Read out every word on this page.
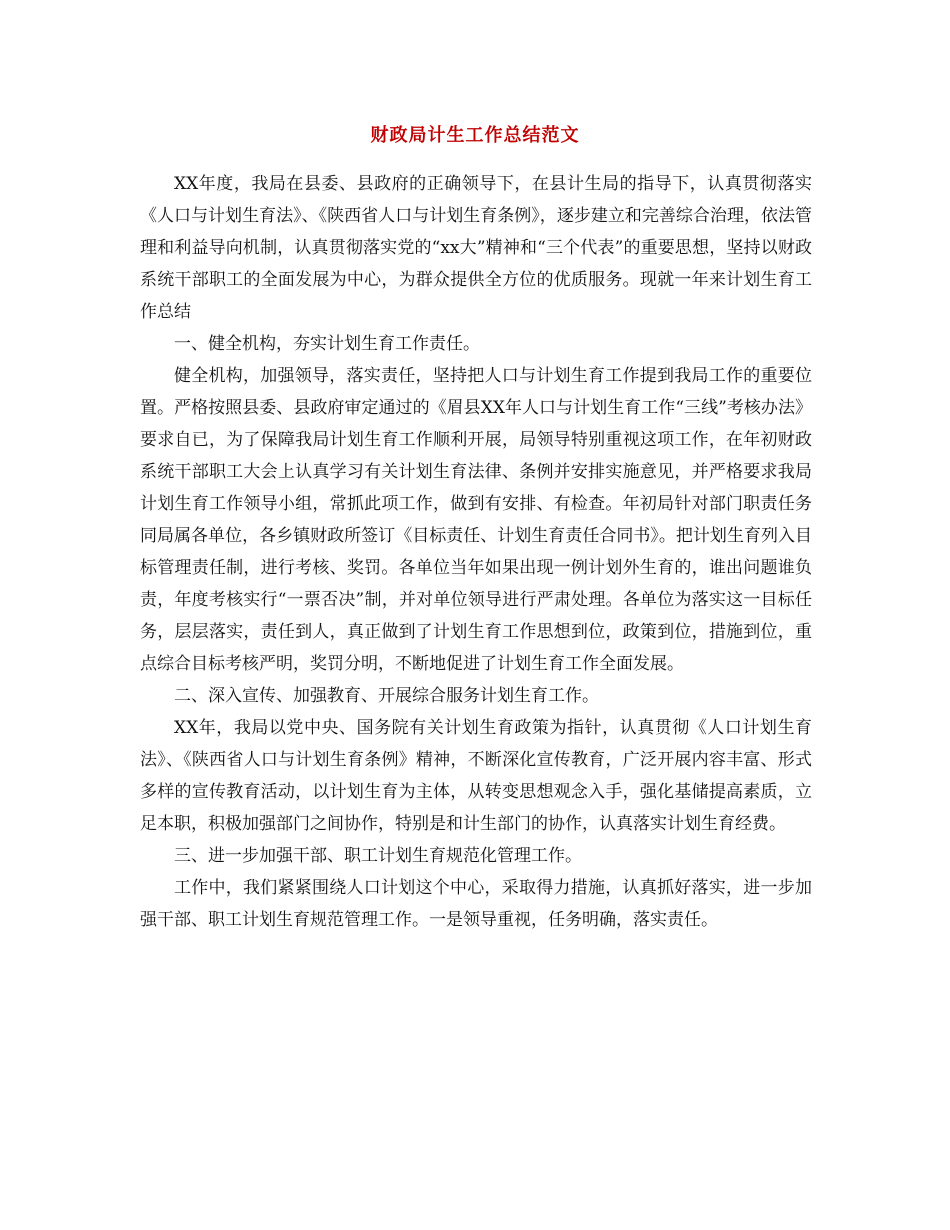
财政局计生工作总结范文

XX年度，我局在县委、县政府的正确领导下，在县计生局的指导下，认真贯彻落实《人口与计划生育法》、《陕西省人口与计划生育条例》，逐步建立和完善综合治理，依法管理和利益导向机制，认真贯彻落实党的“xx大”精神和“三个代表”的重要思想，坚持以财政系统干部职工的全面发展为中心，为群众提供全方位的优质服务。现就一年来计划生育工作总结

一、健全机构，夯实计划生育工作责任。

健全机构，加强领导，落实责任，坚持把人口与计划生育工作提到我局工作的重要位置。严格按照县委、县政府审定通过的《眉县XX年人口与计划生育工作“三线”考核办法》要求自已，为了保障我局计划生育工作顺利开展，局领导特别重视这项工作，在年初财政系统干部职工大会上认真学习有关计划生育法律、条例并安排实施意见，并严格要求我局计划生育工作领导小组，常抓此项工作，做到有安排、有检查。年初局针对部门职责任务同局属各单位，各乡镇财政所签订《目标责任、计划生育责任合同书》。把计划生育列入目标管理责任制，进行考核、奖罚。各单位当年如果出现一例计划外生育的，谁出问题谁负责，年度考核实行“一票否决”制，并对单位领导进行严肃处理。各单位为落实这一目标任务，层层落实，责任到人，真正做到了计划生育工作思想到位，政策到位，措施到位，重点综合目标考核严明，奖罚分明，不断地促进了计划生育工作全面发展。

二、深入宣传、加强教育、开展综合服务计划生育工作。

XX年，我局以党中央、国务院有关计划生育政策为指针，认真贯彻《人口计划生育法》、《陕西省人口与计划生育条例》精神，不断深化宣传教育，广泛开展内容丰富、形式多样的宣传教育活动，以计划生育为主体，从转变思想观念入手，强化基储提高素质，立足本职，积极加强部门之间协作，特别是和计生部门的协作，认真落实计划生育经费。

三、进一步加强干部、职工计划生育规范化管理工作。

工作中，我们紧紧围绕人口计划这个中心，采取得力措施，认真抓好落实，进一步加强干部、职工计划生育规范管理工作。一是领导重视，任务明确，落实责任。
